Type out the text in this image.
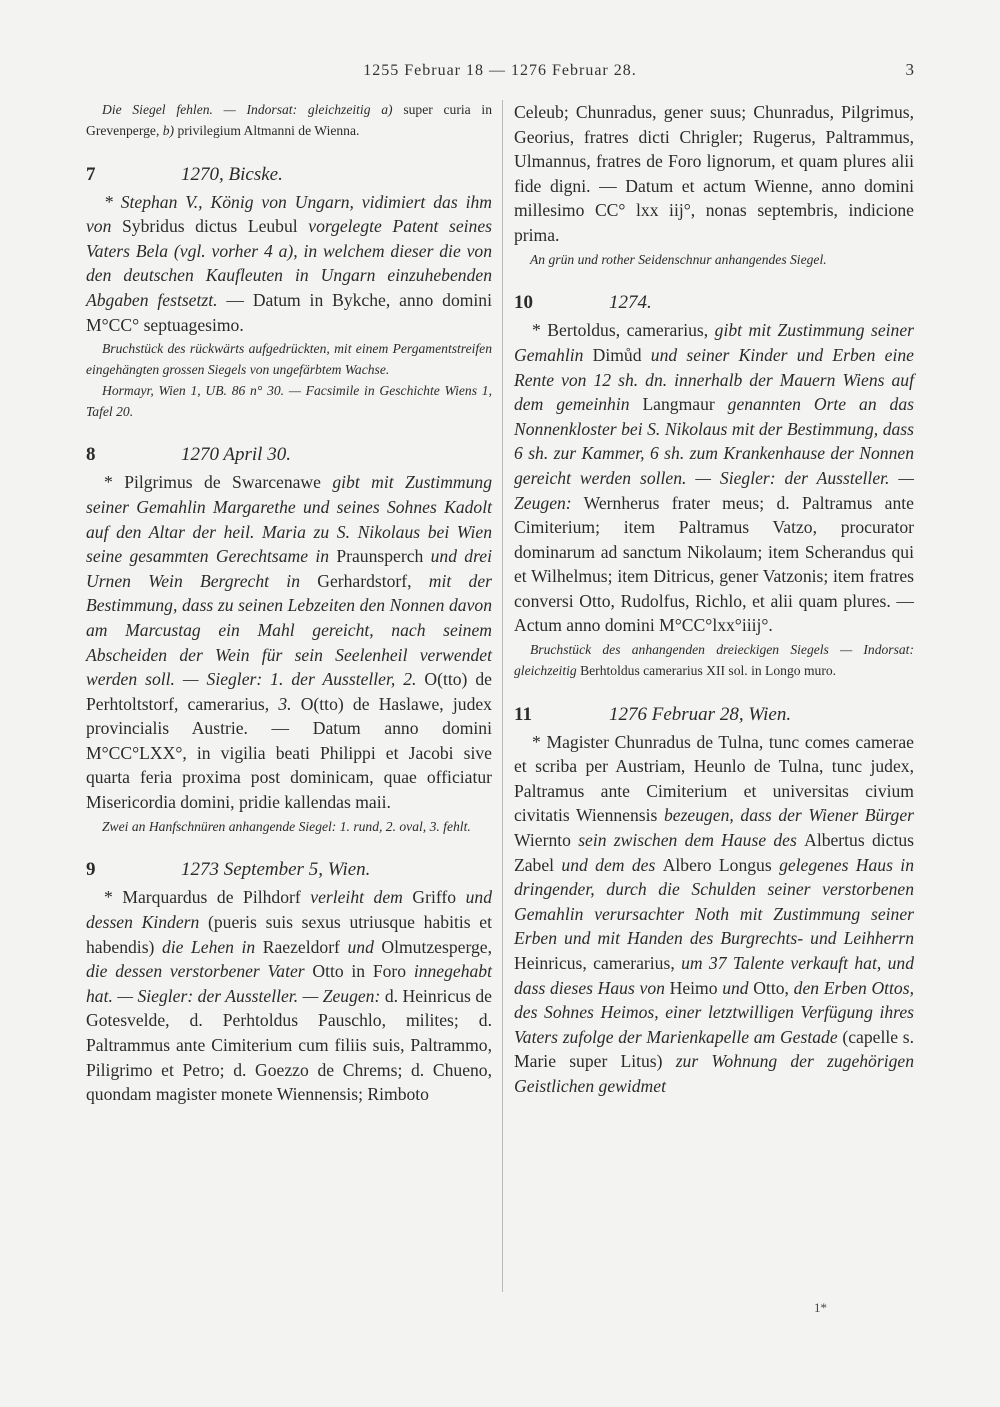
1255 Februar 18 — 1276 Februar 28.	3

Die Siegel fehlen. — Indorsat: gleichzeitig a) super curia in Grevenperge, b) privilegium Altmanni de Wienna.

7	1270, Bicske.

* Stephan V., König von Ungarn, vidimiert das ihm von Sybridus dictus Leubul vorgelegte Patent seines Vaters Bela (vgl. vorher 4 a), in welchem dieser die von den deutschen Kaufleuten in Ungarn einzuhebenden Abgaben festsetzt. — Datum in Bykche, anno domini M°CC° septuagesimo.

Bruchstück des rückwärts aufgedrückten, mit einem Pergamentstreifen eingehängten grossen Siegels von ungefärbtem Wachse.

Hormayr, Wien 1, UB. 86 n° 30. — Facsimile in Geschichte Wiens 1, Tafel 20.

8	1270 April 30.

* Pilgrimus de Swarcenawe gibt mit Zustimmung seiner Gemahlin Margarethe und seines Sohnes Kadolt auf den Altar der heil. Maria zu S. Nikolaus bei Wien seine gesammten Gerechtsame in Praunsperch und drei Urnen Wein Bergrecht in Gerhardstorf, mit der Bestimmung, dass zu seinen Lebzeiten den Nonnen davon am Marcustag ein Mahl gereicht, nach seinem Abscheiden der Wein für sein Seelenheil verwendet werden soll. — Siegler: 1. der Aussteller, 2. O(tto) de Perhtoltstorf, camerarius, 3. O(tto) de Haslawe, judex provincialis Austrie. — Datum anno domini M°CC°LXX°, in vigilia beati Philippi et Jacobi sive quarta feria proxima post dominicam, quae officiatur Misericordia domini, pridie kallendas maii.

Zwei an Hanfschnüren anhangende Siegel: 1. rund, 2. oval, 3. fehlt.

9	1273 September 5, Wien.

* Marquardus de Pilhdorf verleiht dem Griffo und dessen Kindern (pueris suis sexus utriusque habitis et habendis) die Lehen in Raezeldorf und Olmutzesperge, die dessen verstorbener Vater Otto in Foro innegehabt hat. — Siegler: der Aussteller. — Zeugen: d. Heinricus de Gotesvelde, d. Perhtoldus Pauschlo, milites; d. Paltrammus ante Cimiterium cum filiis suis, Paltrammo, Piligrimo et Petro; d. Goezzo de Chrems; d. Chueno, quondam magister monete Wiennensis; Rimboto

Celeub; Chunradus, gener suus; Chunradus, Pilgrimus, Georius, fratres dicti Chrigler; Rugerus, Paltrammus, Ulmannus, fratres de Foro lignorum, et quam plures alii fide digni. — Datum et actum Wienne, anno domini millesimo CC° lxx iij°, nonas septembris, indicione prima.

An grün und rother Seidenschnur anhangendes Siegel.

10	1274.

* Bertoldus, camerarius, gibt mit Zustimmung seiner Gemahlin Dimůd und seiner Kinder und Erben eine Rente von 12 sh. dn. innerhalb der Mauern Wiens auf dem gemeinhin Langmaur genannten Orte an das Nonnenkloster bei S. Nikolaus mit der Bestimmung, dass 6 sh. zur Kammer, 6 sh. zum Krankenhause der Nonnen gereicht werden sollen. — Siegler: der Aussteller. — Zeugen: Wernherus frater meus; d. Paltramus ante Cimiterium; item Paltramus Vatzo, procurator dominarum ad sanctum Nikolaum; item Scherandus qui et Wilhelmus; item Ditricus, gener Vatzonis; item fratres conversi Otto, Rudolfus, Richlo, et alii quam plures. — Actum anno domini M°CC°lxx°iiij°.

Bruchstück des anhangenden dreieckigen Siegels — Indorsat: gleichzeitig Berhtoldus camerarius XII sol. in Longo muro.

11	1276 Februar 28, Wien.

* Magister Chunradus de Tulna, tunc comes camerae et scriba per Austriam, Heunlo de Tulna, tunc judex, Paltramus ante Cimiterium et universitas civium civitatis Wiennensis bezeugen, dass der Wiener Bürger Wiernto sein zwischen dem Hause des Albertus dictus Zabel und dem des Albero Longus gelegenes Haus in dringender, durch die Schulden seiner verstorbenen Gemahlin verursachter Noth mit Zustimmung seiner Erben und mit Handen des Burgrechts- und Leihherrn Heinricus, camerarius, um 37 Talente verkauft hat, und dass dieses Haus von Heimo und Otto, den Erben Ottos, des Sohnes Heimos, einer letztwilligen Verfügung ihres Vaters zufolge der Marienkapelle am Gestade (capelle s. Marie super Litus) zur Wohnung der zugehörigen Geistlichen gewidmet

1*
